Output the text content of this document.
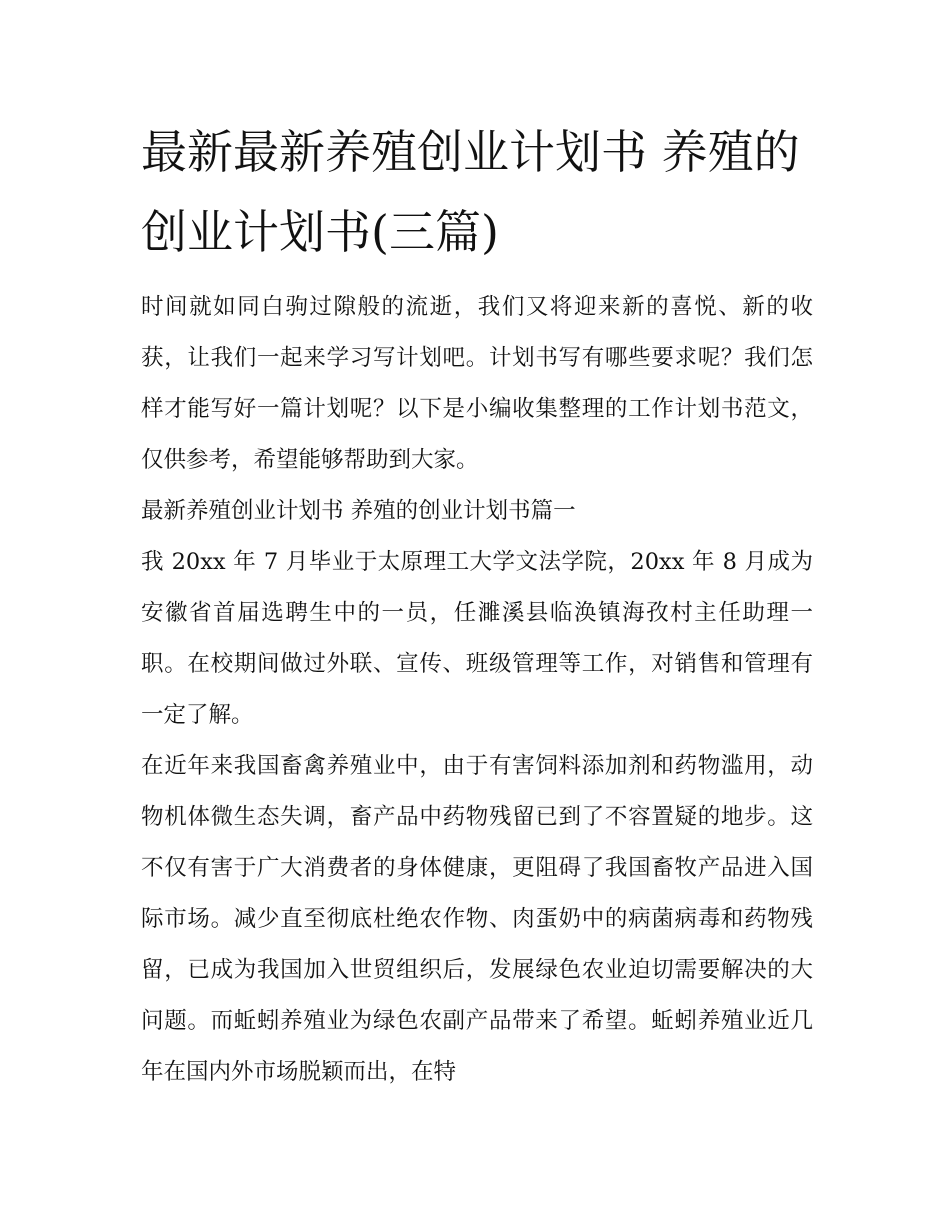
最新最新养殖创业计划书 养殖的创业计划书(三篇)

时间就如同白驹过隙般的流逝，我们又将迎来新的喜悦、新的收获，让我们一起来学习写计划吧。计划书写有哪些要求呢？我们怎样才能写好一篇计划呢？以下是小编收集整理的工作计划书范文，仅供参考，希望能够帮助到大家。

最新养殖创业计划书 养殖的创业计划书篇一

我 20xx 年 7 月毕业于太原理工大学文法学院，20xx 年 8 月成为安徽省首届选聘生中的一员，任濉溪县临涣镇海孜村主任助理一职。在校期间做过外联、宣传、班级管理等工作，对销售和管理有一定了解。

在近年来我国畜禽养殖业中，由于有害饲料添加剂和药物滥用，动物机体微生态失调，畜产品中药物残留已到了不容置疑的地步。这不仅有害于广大消费者的身体健康，更阻碍了我国畜牧产品进入国际市场。减少直至彻底杜绝农作物、肉蛋奶中的病菌病毒和药物残留，已成为我国加入世贸组织后，发展绿色农业迫切需要解决的大问题。而蚯蚓养殖业为绿色农副产品带来了希望。蚯蚓养殖业近几年在国内外市场脱颖而出，在特
